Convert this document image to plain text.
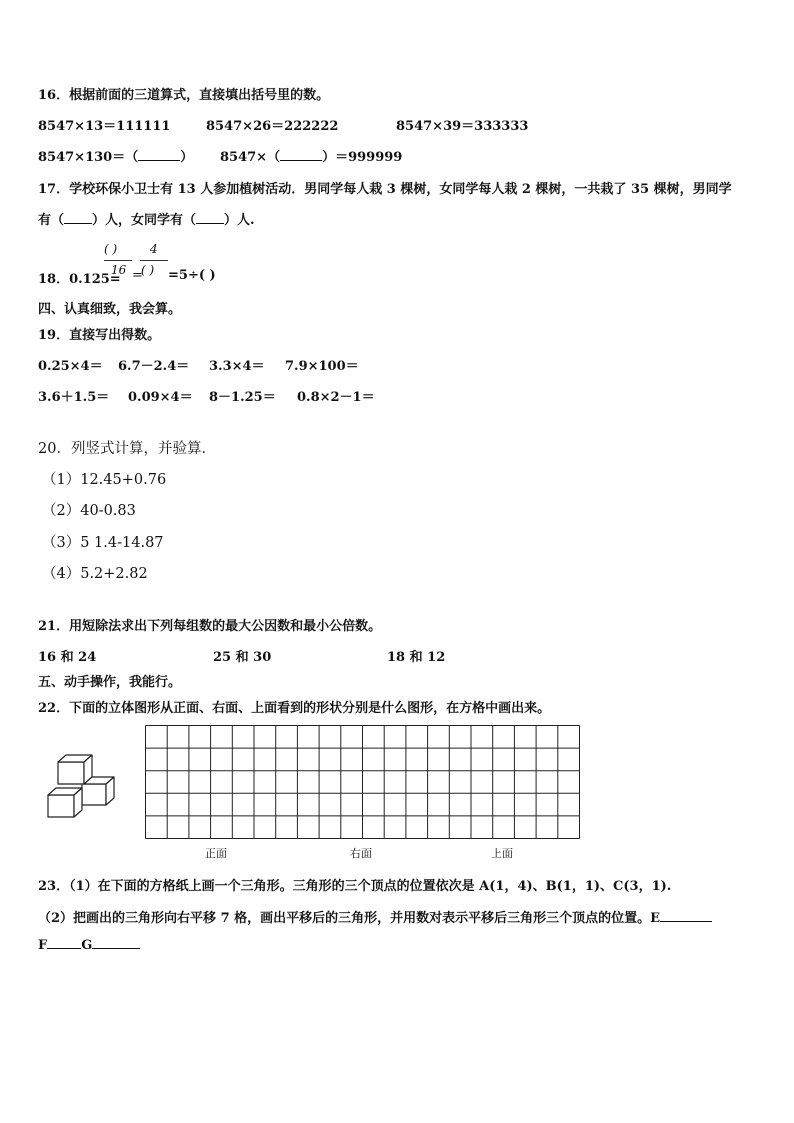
16．根据前面的三道算式，直接填出括号里的数。
8547×13＝111111	8547×26＝222222	8547×39＝333333
8547×130＝（	） 8547×（	）＝999999
17．学校环保小卫士有 13 人参加植树活动．男同学每人栽 3 棵树，女同学每人栽 2 棵树，一共栽了 35 棵树，男同学
有（ ）人，女同学有（ ）人.
( )
16
4
( )
18．0.125= = =5÷( )
四、认真细致，我会算。
19．直接写出得数。
0.25×4＝ 6.7－2.4＝ 3.3×4＝ 7.9×100＝
3.6＋1.5＝ 0.09×4＝ 8－1.25＝ 0.8×2－1＝
20．列竖式计算，并验算．
（1）12.45+0.76
（2）40-0.83
（3）5 1.4-14.87
（4）5.2+2.82
21．用短除法求出下列每组数的最大公因数和最小公倍数。
16 和 24	25 和 30	18 和 12
五、动手操作，我能行。
22．下面的立体图形从正面、右面、上面看到的形状分别是什么图形，在方格中画出来。
正面	右面	上面
23．（1）在下面的方格纸上画一个三角形。三角形的三个顶点的位置依次是 A(1，4)、B(1，1)、C(3，1).
（2）把画出的三角形向右平移 7 格，画出平移后的三角形，并用数对表示平移后三角形三个顶点的位置。E
F	G
